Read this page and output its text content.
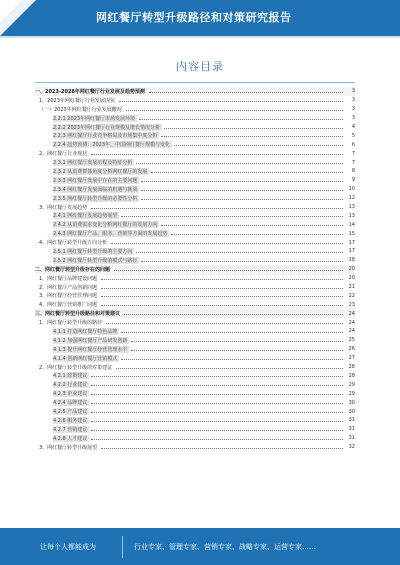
网红餐厅转型升级路径和对策研究报告
内容目录
一、2023-2028年网红餐厅行业发展及趋势预测	3
1、2023年网红餐厅行业发展现状	3
（一）2023年网红餐厅行业发展概况	3
2.2.1 2023年网红餐厅市场发展环境	3
2.2.2 2023年网红餐厅行业规模及增长情况分析	4
2.2.3 网红餐厅行业竞争格局及市场集中度分析	5
2.2.4 趋势预测：2023年、中国网红餐厅规模与变化	6
2、网红餐厅行业现状	7
2.3.1 网红餐厅发展历程及特征分析	7
2.3.2 从消费群体角度分析网红餐厅的发展	8
2.3.3 网红餐厅发展中存在的主要问题	9
2.3.4 网红餐厅发展面临的机遇与挑战	10
2.3.5 网红餐厅转型升级的必要性分析	12
3、网红餐厅发展趋势	13
2.4.1 网红餐厅发展趋势展望	13
2.4.2 从消费需求变化分析网红餐厅的发展方向	14
2.4.3 网红餐厅产品、服务、营销等方面的发展趋势	15
4、网红餐厅转型升级方向分析	17
2.5.1 网红餐厅转型升级的主要方向	17
2.5.2 网红餐厅转型升级的模式与路径	18
二、网红餐厅转型升级存在的问题	20
1、网红餐厅品牌建设问题	20
2、网红餐厅产品创新问题	21
3、网红餐厅经营管理问题	22
4、网红餐厅营销推广问题	23
三、网红餐厅转型升级路径和对策建议	24
1、网红餐厅转型升级的路径	24
4.1.1 打造网红餐厅特色品牌	24
4.1.2 加强网红餐厅产品研发创新	25
4.1.3 提升网红餐厅经营管理水平	26
4.1.4 创新网红餐厅营销模式	27
2、网红餐厅转型升级的对策建议	28
4.2.1 政策建议	28
4.2.2 行业建议	29
4.2.3 企业建议	29
4.2.4 品牌建议	30
4.2.5 产品建议	30
4.2.6 服务建议	31
4.2.7 营销建议	31
4.2.8 人才建议	31
3、网红餐厅转型升级展望	32
让每个人都能成为	行业专家、管理专家、营销专家、战略专家、运营专家……
